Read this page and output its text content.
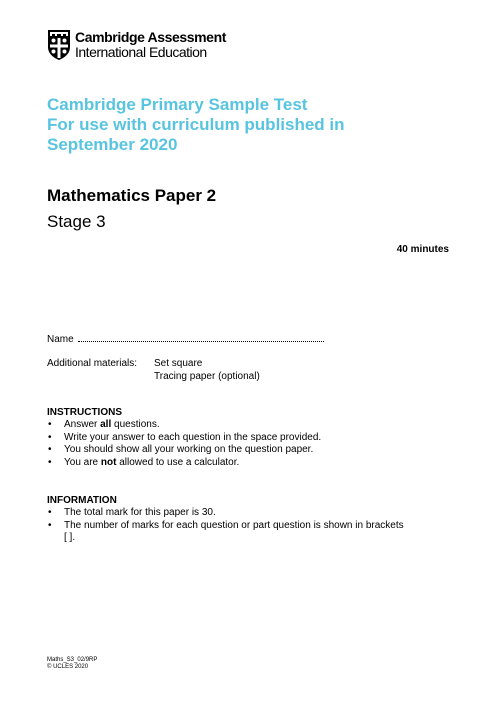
Cambridge Assessment
International Education
Cambridge Primary Sample Test
For use with curriculum published in
September 2020
Mathematics Paper 2
Stage 3
40 minutes
Name
Additional materials: Set square
Tracing paper (optional)
INSTRUCTIONS
• Answer all questions.
• Write your answer to each question in the space provided.
• You should show all your working on the question paper.
• You are not allowed to use a calculator.
INFORMATION
• The total mark for this paper is 30.
• The number of marks for each question or part question is shown in brackets [ ].
Maths_S3_02/9RP
© UCLES 2020
